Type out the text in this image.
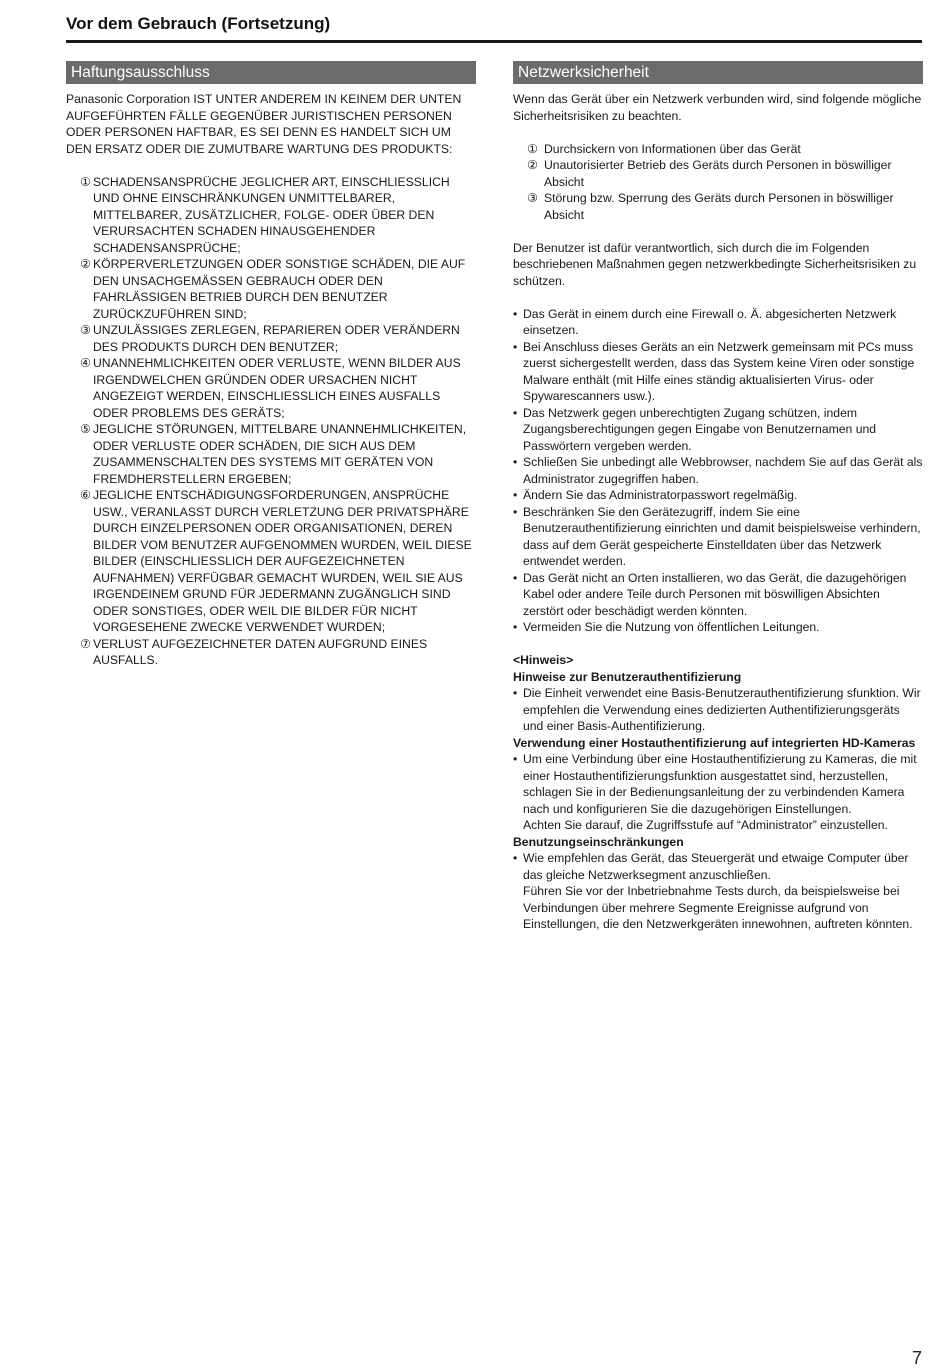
Vor dem Gebrauch (Fortsetzung)
Haftungsausschluss

Panasonic Corporation IST UNTER ANDEREM IN KEINEM DER UNTEN AUFGEFÜHRTEN FÄLLE GEGENÜBER JURISTISCHEN PERSONEN ODER PERSONEN HAFTBAR, ES SEI DENN ES HANDELT SICH UM DEN ERSATZ ODER DIE ZUMUTBARE WARTUNG DES PRODUKTS:

① SCHADENSANSPRÜCHE JEGLICHER ART, EINSCHLIESSLICH UND OHNE EINSCHRÄNKUNGEN UNMITTELBARER, MITTELBARER, ZUSÄTZLICHER, FOLGE- ODER ÜBER DEN VERURSACHTEN SCHADEN HINAUSGEHENDER SCHADENSANSPRÜCHE;
② KÖRPERVERLETZUNGEN ODER SONSTIGE SCHÄDEN, DIE AUF DEN UNSACHGEMÄSSEN GEBRAUCH ODER DEN FAHRLÄSSIGEN BETRIEB DURCH DEN BENUTZER ZURÜCKZUFÜHREN SIND;
③ UNZULÄSSIGES ZERLEGEN, REPARIEREN ODER VERÄNDERN DES PRODUKTS DURCH DEN BENUTZER;
④ UNANNEHMLICHKEITEN ODER VERLUSTE, WENN BILDER AUS IRGENDWELCHEN GRÜNDEN ODER URSACHEN NICHT ANGEZEIGT WERDEN, EINSCHLIESSLICH EINES AUSFALLS ODER PROBLEMS DES GERÄTS;
⑤ JEGLICHE STÖRUNGEN, MITTELBARE UNANNEHMLICHKEITEN, ODER VERLUSTE ODER SCHÄDEN, DIE SICH AUS DEM ZUSAMMENSCHALTEN DES SYSTEMS MIT GERÄTEN VON FREMDHERSTELLERN ERGEBEN;
⑥ JEGLICHE ENTSCHÄDIGUNGSFORDERUNGEN, ANSPRÜCHE USW., VERANLASST DURCH VERLETZUNG DER PRIVATSPHÄRE DURCH EINZELPERSONEN ODER ORGANISATIONEN, DEREN BILDER VOM BENUTZER AUFGENOMMEN WURDEN, WEIL DIESE BILDER (EINSCHLIESSLICH DER AUFGEZEICHNETEN AUFNAHMEN) VERFÜGBAR GEMACHT WURDEN, WEIL SIE AUS IRGENDEINEM GRUND FÜR JEDERMANN ZUGÄNGLICH SIND ODER SONSTIGES, ODER WEIL DIE BILDER FÜR NICHT VORGESEHENE ZWECKE VERWENDET WURDEN;
⑦ VERLUST AUFGEZEICHNETER DATEN AUFGRUND EINES AUSFALLS.
Netzwerksicherheit

Wenn das Gerät über ein Netzwerk verbunden wird, sind folgende mögliche Sicherheitsrisiken zu beachten.

① Durchsickern von Informationen über das Gerät
② Unautorisierter Betrieb des Geräts durch Personen in böswilliger Absicht
③ Störung bzw. Sperrung des Geräts durch Personen in böswilliger Absicht

Der Benutzer ist dafür verantwortlich, sich durch die im Folgenden beschriebenen Maßnahmen gegen netzwerkbedingte Sicherheitsrisiken zu schützen.

• Das Gerät in einem durch eine Firewall o. Ä. abgesicherten Netzwerk einsetzen.
• Bei Anschluss dieses Geräts an ein Netzwerk gemeinsam mit PCs muss zuerst sichergestellt werden, dass das System keine Viren oder sonstige Malware enthält (mit Hilfe eines ständig aktualisierten Virus- oder Spywarescanners usw.).
• Das Netzwerk gegen unberechtigten Zugang schützen, indem Zugangsberechtigungen gegen Eingabe von Benutzernamen und Passwörtern vergeben werden.
• Schließen Sie unbedingt alle Webbrowser, nachdem Sie auf das Gerät als Administrator zugegriffen haben.
• Ändern Sie das Administratorpasswort regelmäßig.
• Beschränken Sie den Gerätezugriff, indem Sie eine Benutzerauthentifizierung einrichten und damit beispielsweise verhindern, dass auf dem Gerät gespeicherte Einstelldaten über das Netzwerk entwendet werden.
• Das Gerät nicht an Orten installieren, wo das Gerät, die dazugehörigen Kabel oder andere Teile durch Personen mit böswilligen Absichten zerstört oder beschädigt werden könnten.
• Vermeiden Sie die Nutzung von öffentlichen Leitungen.
<Hinweis>
Hinweise zur Benutzerauthentifizierung
• Die Einheit verwendet eine Basis-Benutzerauthentifizierung sfunktion. Wir empfehlen die Verwendung eines dedizierten Authentifizierungsgeräts und einer Basis-Authentifizierung.
Verwendung einer Hostauthentifizierung auf integrierten HD-Kameras
• Um eine Verbindung über eine Hostauthentifizierung zu Kameras, die mit einer Hostauthentifizierungsfunktion ausgestattet sind, herzustellen, schlagen Sie in der Bedienungsanleitung der zu verbindenden Kamera nach und konfigurieren Sie die dazugehörigen Einstellungen.
Achten Sie darauf, die Zugriffsstufe auf “Administrator” einzustellen.
Benutzungseinschränkungen
• Wie empfehlen das Gerät, das Steuergerät und etwaige Computer über das gleiche Netzwerksegment anzuschließen.
Führen Sie vor der Inbetriebnahme Tests durch, da beispielsweise bei Verbindungen über mehrere Segmente Ereignisse aufgrund von Einstellungen, die den Netzwerkgeräten innewohnen, auftreten könnten.
7
